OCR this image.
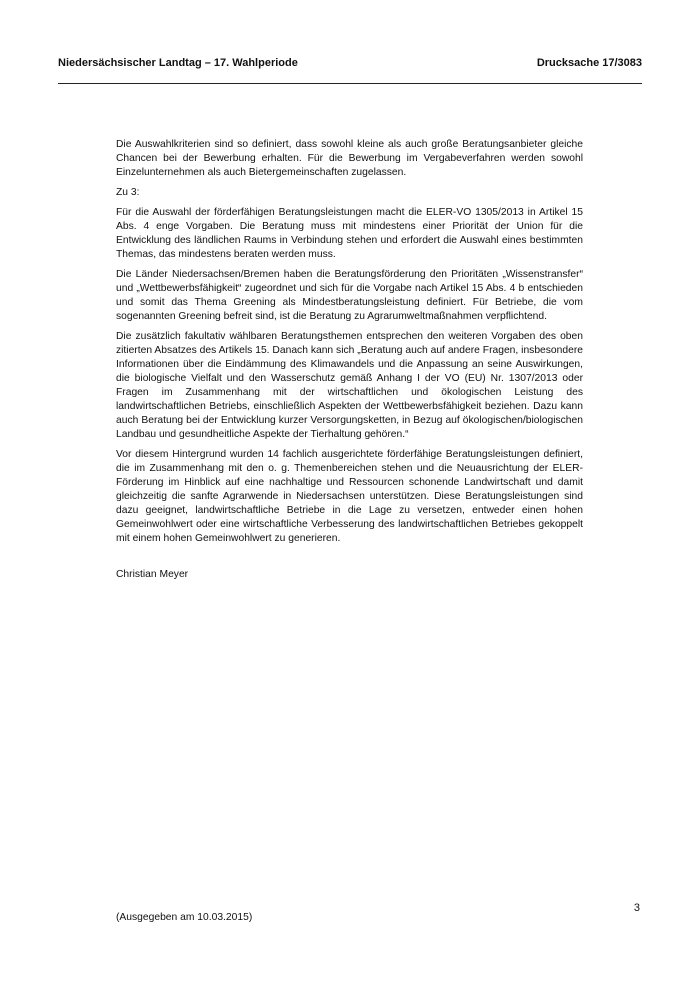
Niedersächsischer Landtag – 17. Wahlperiode	Drucksache 17/3083

Die Auswahlkriterien sind so definiert, dass sowohl kleine als auch große Beratungsanbieter gleiche Chancen bei der Bewerbung erhalten. Für die Bewerbung im Vergabeverfahren werden sowohl Einzelunternehmen als auch Bietergemeinschaften zugelassen.

Zu 3:

Für die Auswahl der förderfähigen Beratungsleistungen macht die ELER-VO 1305/2013 in Artikel 15 Abs. 4 enge Vorgaben. Die Beratung muss mit mindestens einer Priorität der Union für die Entwicklung des ländlichen Raums in Verbindung stehen und erfordert die Auswahl eines bestimmten Themas, das mindestens beraten werden muss.

Die Länder Niedersachsen/Bremen haben die Beratungsförderung den Prioritäten „Wissenstransfer“ und „Wettbewerbsfähigkeit“ zugeordnet und sich für die Vorgabe nach Artikel 15 Abs. 4 b entschieden und somit das Thema Greening als Mindestberatungsleistung definiert. Für Betriebe, die vom sogenannten Greening befreit sind, ist die Beratung zu Agrarumweltmaßnahmen verpflichtend.

Die zusätzlich fakultativ wählbaren Beratungsthemen entsprechen den weiteren Vorgaben des oben zitierten Absatzes des Artikels 15. Danach kann sich „Beratung auch auf andere Fragen, insbesondere Informationen über die Eindämmung des Klimawandels und die Anpassung an seine Auswirkungen, die biologische Vielfalt und den Wasserschutz gemäß Anhang I der VO (EU) Nr. 1307/2013 oder Fragen im Zusammenhang mit der wirtschaftlichen und ökologischen Leistung des landwirtschaftlichen Betriebs, einschließlich Aspekten der Wettbewerbsfähigkeit beziehen. Dazu kann auch Beratung bei der Entwicklung kurzer Versorgungsketten, in Bezug auf ökologischen/biologischen Landbau und gesundheitliche Aspekte der Tierhaltung gehören.“

Vor diesem Hintergrund wurden 14 fachlich ausgerichtete förderfähige Beratungsleistungen definiert, die im Zusammenhang mit den o. g. Themenbereichen stehen und die Neuausrichtung der ELER-Förderung im Hinblick auf eine nachhaltige und Ressourcen schonende Landwirtschaft und damit gleichzeitig die sanfte Agrarwende in Niedersachsen unterstützen. Diese Beratungsleistungen sind dazu geeignet, landwirtschaftliche Betriebe in die Lage zu versetzen, entweder einen hohen Gemeinwohlwert oder eine wirtschaftliche Verbesserung des landwirtschaftlichen Betriebes gekoppelt mit einem hohen Gemeinwohlwert zu generieren.

Christian Meyer
3
(Ausgegeben am 10.03.2015)
